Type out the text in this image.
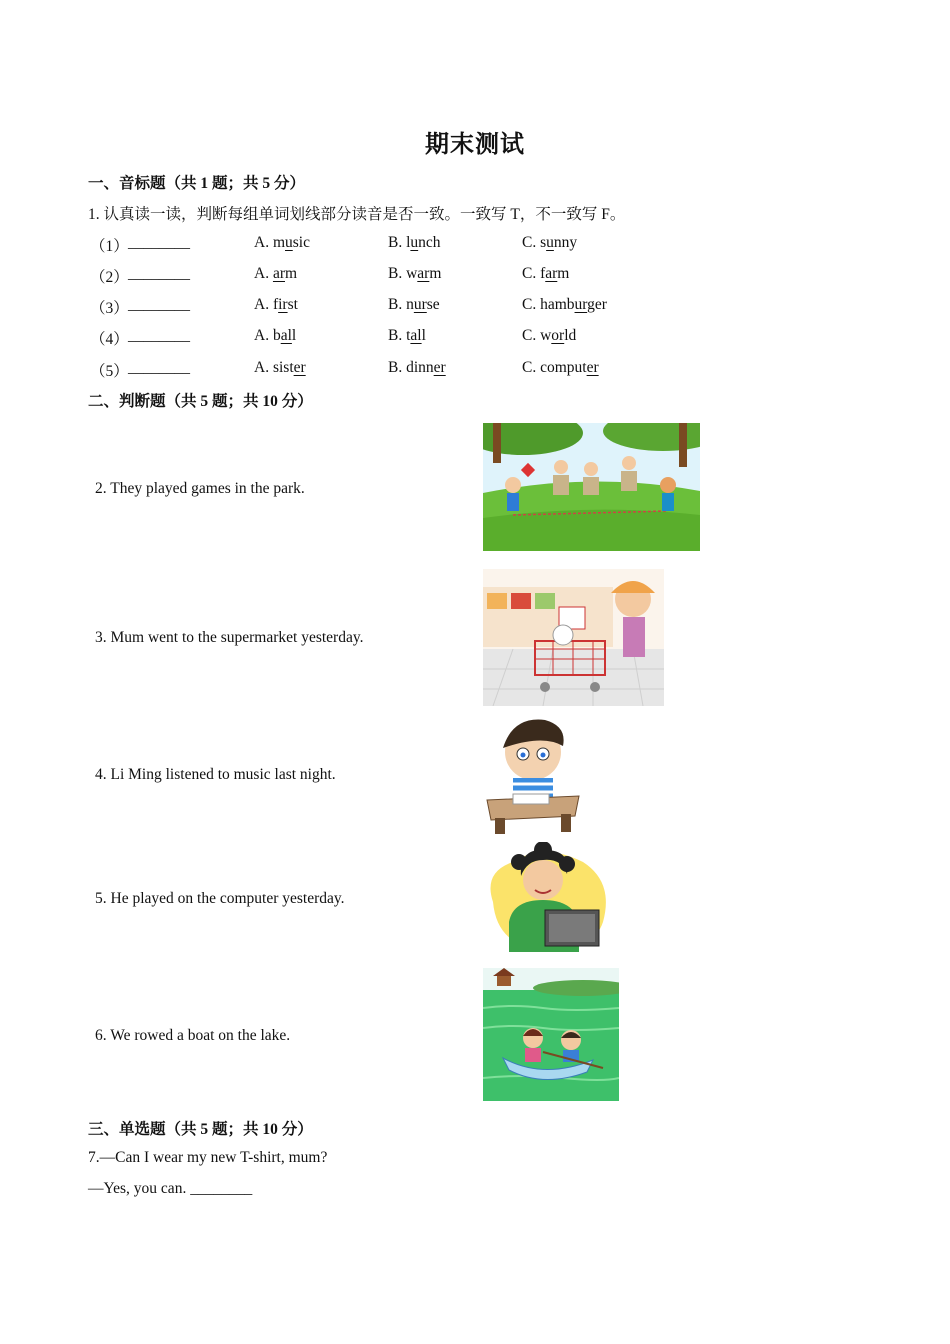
期末测试
一、音标题（共 1 题；共 5 分）
1. 认真读一读，判断每组单词划线部分读音是否一致。一致写 T，不一致写 F。
（1） ________	A. music	B. lunch	C. sunny
（2） ________	A. arm	B. warm	C. farm
（3） ________	A. first	B. nurse	C. hamburger
（4） ________	A. ball	B. tall	C. world
（5） ________	A. sister	B. dinner	C. computer
二、判断题（共 5 题；共 10 分）
2. They played games in the park.
3. Mum went to the supermarket yesterday.
4. Li Ming listened to music last night.
5. He played on the computer yesterday.
6. We rowed a boat on the lake.
三、单选题（共 5 题；共 10 分）
7.—Can I wear my new T-shirt, mum?
—Yes, you can. ________
